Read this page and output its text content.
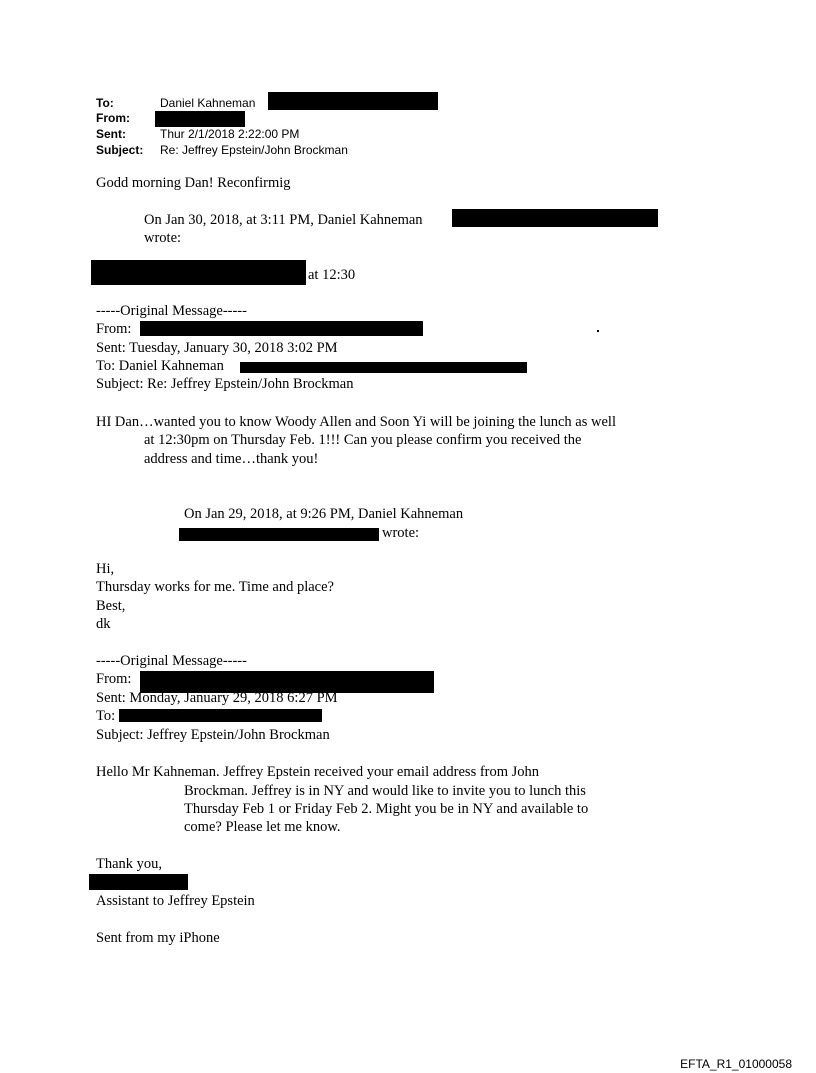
To:	Daniel Kahneman
From:
Sent:	Thur 2/1/2018 2:22:00 PM
Subject: Re: Jeffrey Epstein/John Brockman
Godd morning Dan! Reconfirmig
On Jan 30, 2018, at 3:11 PM, Daniel Kahneman
wrote:
at 12:30
-----Original Message-----
From:
Sent: Tuesday, January 30, 2018 3:02 PM
To: Daniel Kahneman
Subject: Re: Jeffrey Epstein/John Brockman
HI Dan…wanted you to know Woody Allen and Soon Yi will be joining the lunch as well
at 12:30pm on Thursday Feb. 1!!! Can you please confirm you received the
address and time…thank you!
On Jan 29, 2018, at 9:26 PM, Daniel Kahneman
wrote:
Hi,
Thursday works for me. Time and place?
Best,
dk
-----Original Message-----
From:
Sent: Monday, January 29, 2018 6:27 PM
To:
Subject: Jeffrey Epstein/John Brockman
Hello Mr Kahneman. Jeffrey Epstein received your email address from John
Brockman. Jeffrey is in NY and would like to invite you to lunch this
Thursday Feb 1 or Friday Feb 2. Might you be in NY and available to
come? Please let me know.
Thank you,
Assistant to Jeffrey Epstein
Sent from my iPhone
EFTA_R1_01000058
